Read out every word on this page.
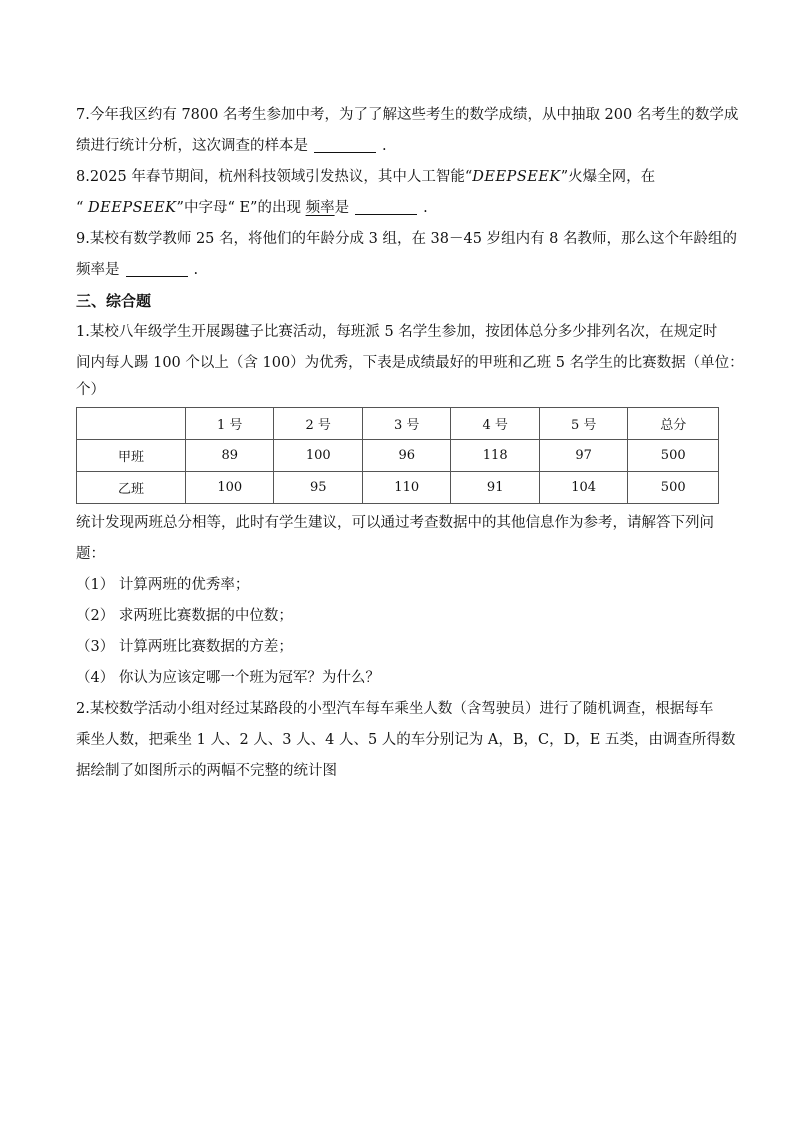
7.今年我区约有 7800 名考生参加中考，为了了解这些考生的数学成绩，从中抽取 200 名考生的数学成
绩进行统计分析，这次调查的样本是	.
8.2025 年春节期间，杭州科技领域引发热议，其中人工智能“DEEPSEEK”火爆全网，在
“ DEEPSEEK”中字母“ E”的出现 频率是	.
9.某校有数学教师 25 名，将他们的年龄分成 3 组，在 38－45 岁组内有 8 名教师，那么这个年龄组的
频率是	.
三、综合题
1.某校八年级学生开展踢毽子比赛活动，每班派 5 名学生参加，按团体总分多少排列名次，在规定时
间内每人踢 100 个以上（含 100）为优秀，下表是成绩最好的甲班和乙班 5 名学生的比赛数据（单位：
个）
	1 号	2 号	3 号	4 号	5 号	总分
甲班	89	100	96	118	97	500
乙班	100	95	110	91	104	500
统计发现两班总分相等，此时有学生建议，可以通过考查数据中的其他信息作为参考，请解答下列问
题：
（1） 计算两班的优秀率；
（2） 求两班比赛数据的中位数；
（3） 计算两班比赛数据的方差；
（4） 你认为应该定哪一个班为冠军？为什么？
2.某校数学活动小组对经过某路段的小型汽车每车乘坐人数（含驾驶员）进行了随机调查，根据每车
乘坐人数，把乘坐 1 人、2 人、3 人、4 人、5 人的车分别记为 A，B，C，D，E 五类，由调查所得数
据绘制了如图所示的两幅不完整的统计图
